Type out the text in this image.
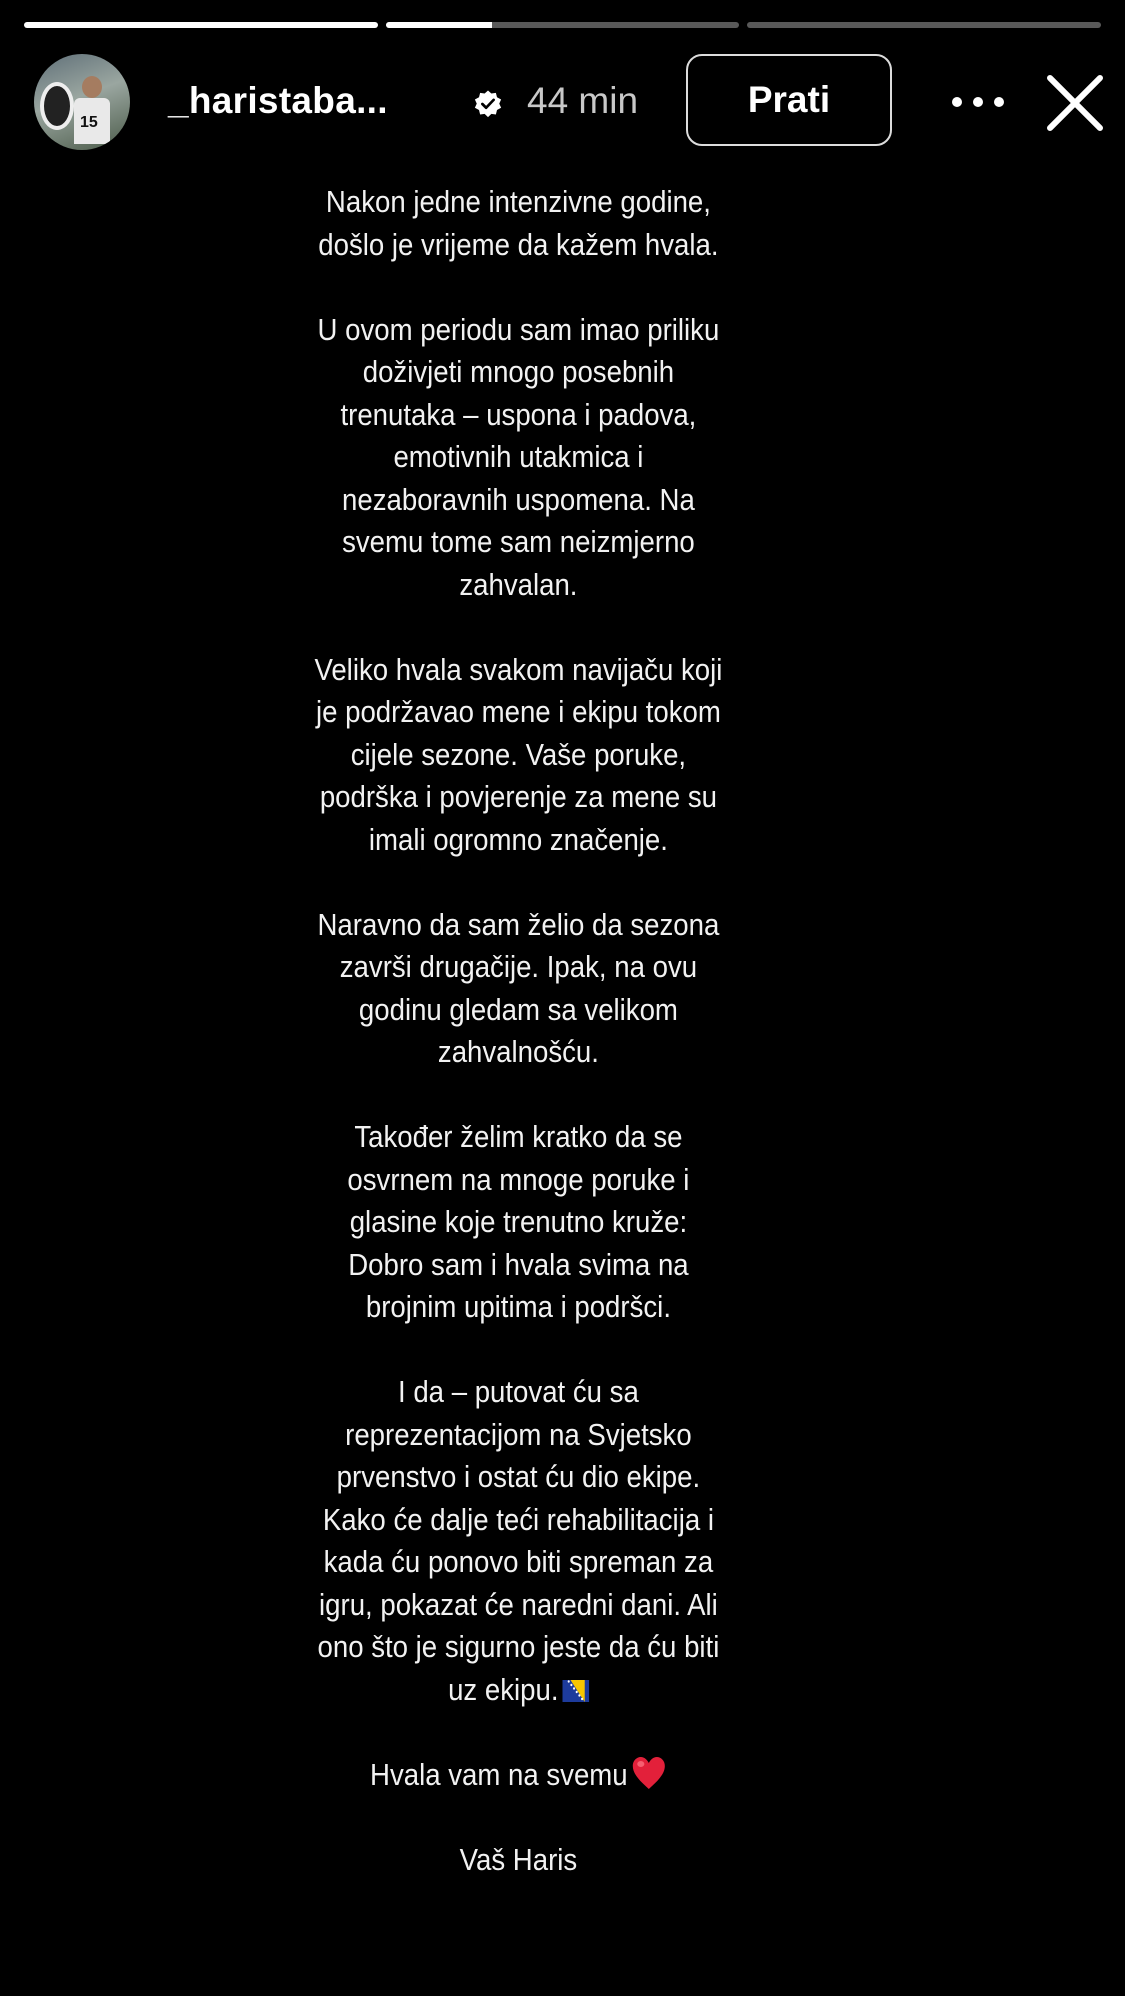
15
_haristaba...	44 min	Prati

Nakon jedne intenzivne godine,
došlo je vrijeme da kažem hvala.

U ovom periodu sam imao priliku
doživjeti mnogo posebnih
trenutaka – uspona i padova,
emotivnih utakmica i
nezaboravnih uspomena. Na
svemu tome sam neizmjerno
zahvalan.

Veliko hvala svakom navijaču koji
je podržavao mene i ekipu tokom
cijele sezone. Vaše poruke,
podrška i povjerenje za mene su
imali ogromno značenje.

Naravno da sam želio da sezona
završi drugačije. Ipak, na ovu
godinu gledam sa velikom
zahvalnošću.

Također želim kratko da se
osvrnem na mnoge poruke i
glasine koje trenutno kruže:
Dobro sam i hvala svima na
brojnim upitima i podršci.

I da – putovat ću sa
reprezentacijom na Svjetsko
prvenstvo i ostat ću dio ekipe.
Kako će dalje teći rehabilitacija i
kada ću ponovo biti spreman za
igru, pokazat će naredni dani. Ali
ono što je sigurno jeste da ću biti
uz ekipu.

Hvala vam na svemu

Vaš Haris
